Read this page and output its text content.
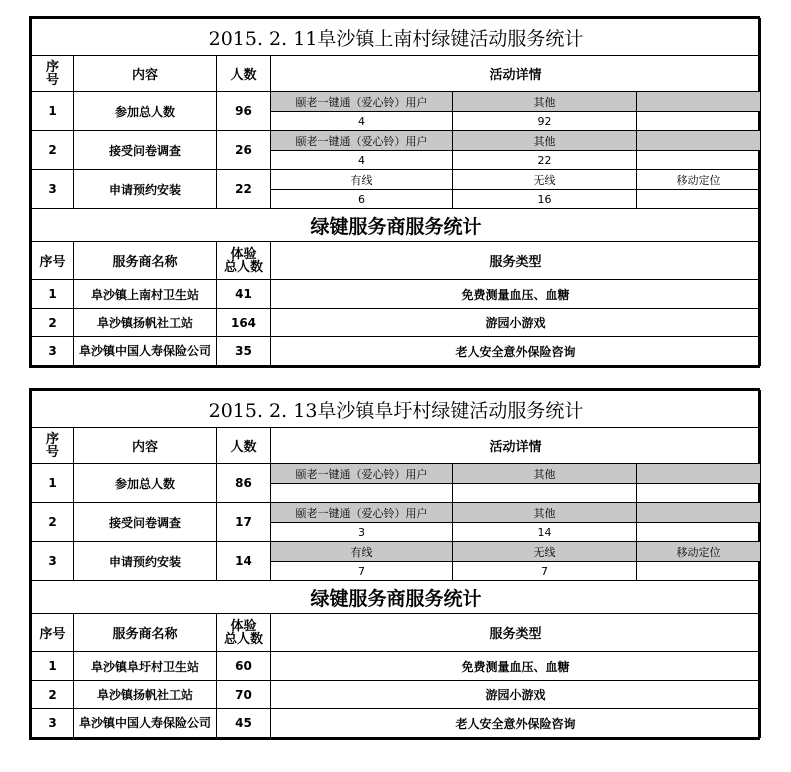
2015. 2. 11阜沙镇上南村绿键活动服务统计					
序
号	内容	人数	活动详情		
1	参加总人数	96	颐老一键通（爱心铃）用户	其他	
			4	92	
2	接受问卷调查	26	颐老一键通（爱心铃）用户	其他	
			4	22	
3	申请预约安装	22	有线	无线	移动定位
			6	16	
绿键服务商服务统计					
序号	服务商名称	体验
总人数	服务类型		
1	阜沙镇上南村卫生站	41	免费测量血压、血糖		
2	阜沙镇扬帆社工站	164	游园小游戏		
3	阜沙镇中国人寿保险公司	35	老人安全意外保险咨询		
2015. 2. 13阜沙镇阜圩村绿键活动服务统计					
序
号	内容	人数	活动详情		
1	参加总人数	86	颐老一键通（爱心铃）用户	其他	

2	接受问卷调查	17	颐老一键通（爱心铃）用户	其他	
			3	14	
3	申请预约安装	14	有线	无线	移动定位
			7	7	
绿键服务商服务统计					
序号	服务商名称	体验
总人数	服务类型		
1	阜沙镇阜圩村卫生站	60	免费测量血压、血糖		
2	阜沙镇扬帆社工站	70	游园小游戏		
3	阜沙镇中国人寿保险公司	45	老人安全意外保险咨询		
